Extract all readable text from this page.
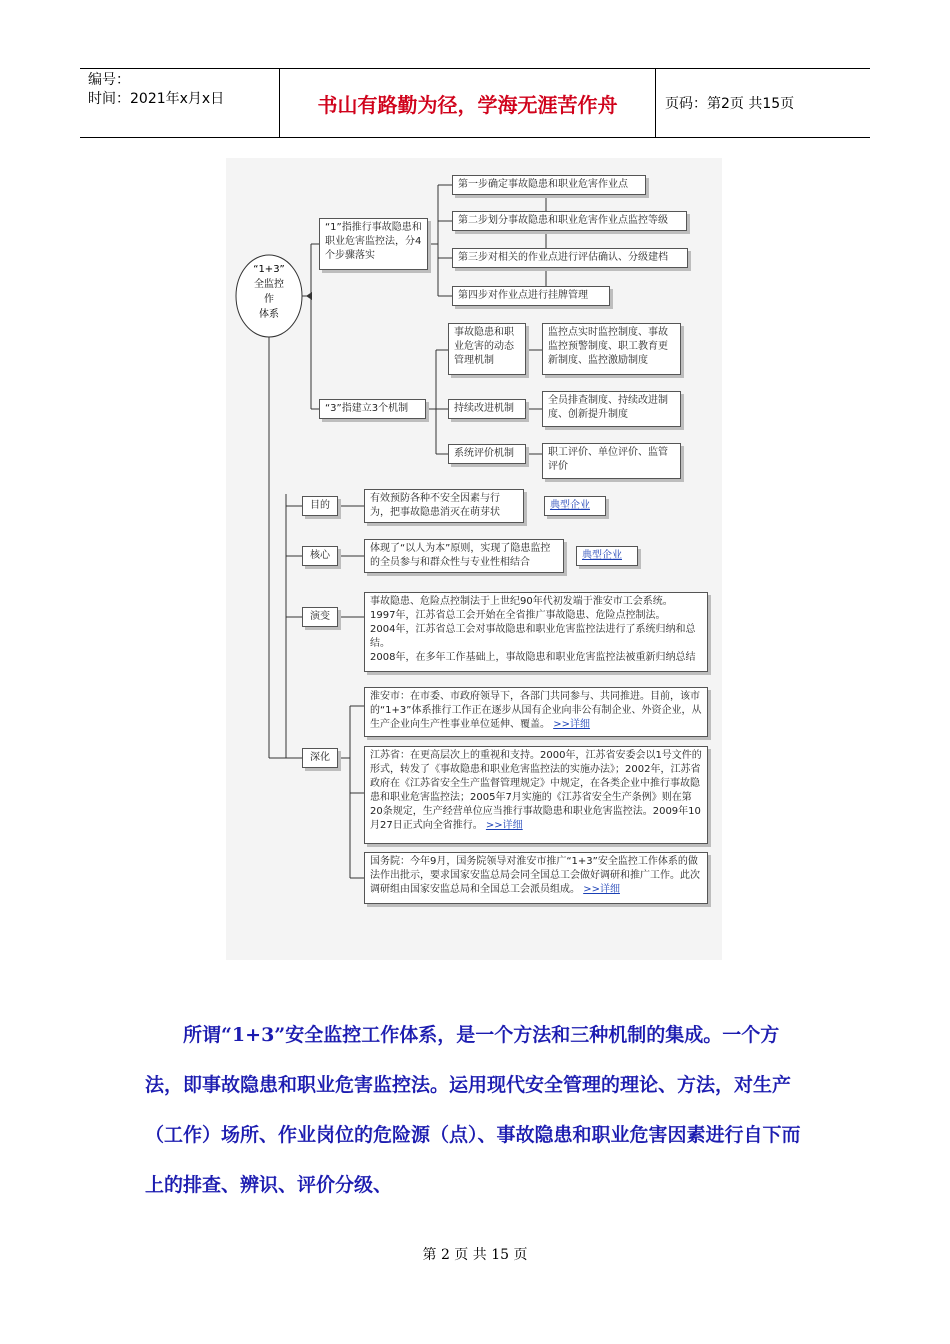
编号：
时间：2021年x月x日	书山有路勤为径，学海无涯苦作舟	页码：第2页 共15页
“1+3”
全监控
作
体系
“1”指推行事故隐患和职业危害监控法，分4个步骤落实
第一步确定事故隐患和职业危害作业点
第二步划分事故隐患和职业危害作业点监控等级
第三步对相关的作业点进行评估确认、分级建档
第四步对作业点进行挂牌管理
“3”指建立3个机制
事故隐患和职业危害的动态管理机制
监控点实时监控制度、事故监控预警制度、职工教育更新制度、监控激励制度
持续改进机制
全员排查制度、持续改进制度、创新提升制度
系统评价机制	职工评价、单位评价、监管评价
目的
有效预防各种不安全因素与行为，把事故隐患消灭在萌芽状
典型企业
核心
体现了“以人为本”原则，实现了隐患监控的全员参与和群众性与专业性相结合
典型企业
演变
事故隐患、危险点控制法于上世纪90年代初发端于淮安市工会系统。
1997年，江苏省总工会开始在全省推广事故隐患、危险点控制法。
2004年，江苏省总工会对事故隐患和职业危害监控法进行了系统归纳和总结。
2008年，在多年工作基础上，事故隐患和职业危害监控法被重新归纳总结
深化
淮安市：在市委、市政府领导下，各部门共同参与、共同推进。目前，该市的“1+3”体系推行工作正在逐步从国有企业向非公有制企业、外资企业，从生产企业向生产性事业单位延伸、覆盖。 >>详细
江苏省：在更高层次上的重视和支持。2000年，江苏省安委会以1号文件的形式，转发了《事故隐患和职业危害监控法的实施办法》；2002年，江苏省政府在《江苏省安全生产监督管理规定》中规定，在各类企业中推行事故隐患和职业危害监控法；2005年7月实施的《江苏省安全生产条例》则在第20条规定，生产经营单位应当推行事故隐患和职业危害监控法。2009年10月27日正式向全省推行。 >>详细
国务院：今年9月，国务院领导对淮安市推广“1+3”安全监控工作体系的做法作出批示，要求国家安监总局会同全国总工会做好调研和推广工作。此次调研组由国家安监总局和全国总工会派员组成。 >>详细

所谓“1+3”安全监控工作体系，是一个方法和三种机制的集成。一个方法，即事故隐患和职业危害监控法。运用现代安全管理的理论、方法，对生产（工作）场所、作业岗位的危险源（点）、事故隐患和职业危害因素进行自下而上的排查、辨识、评价分级、

第 2 页 共 15 页
